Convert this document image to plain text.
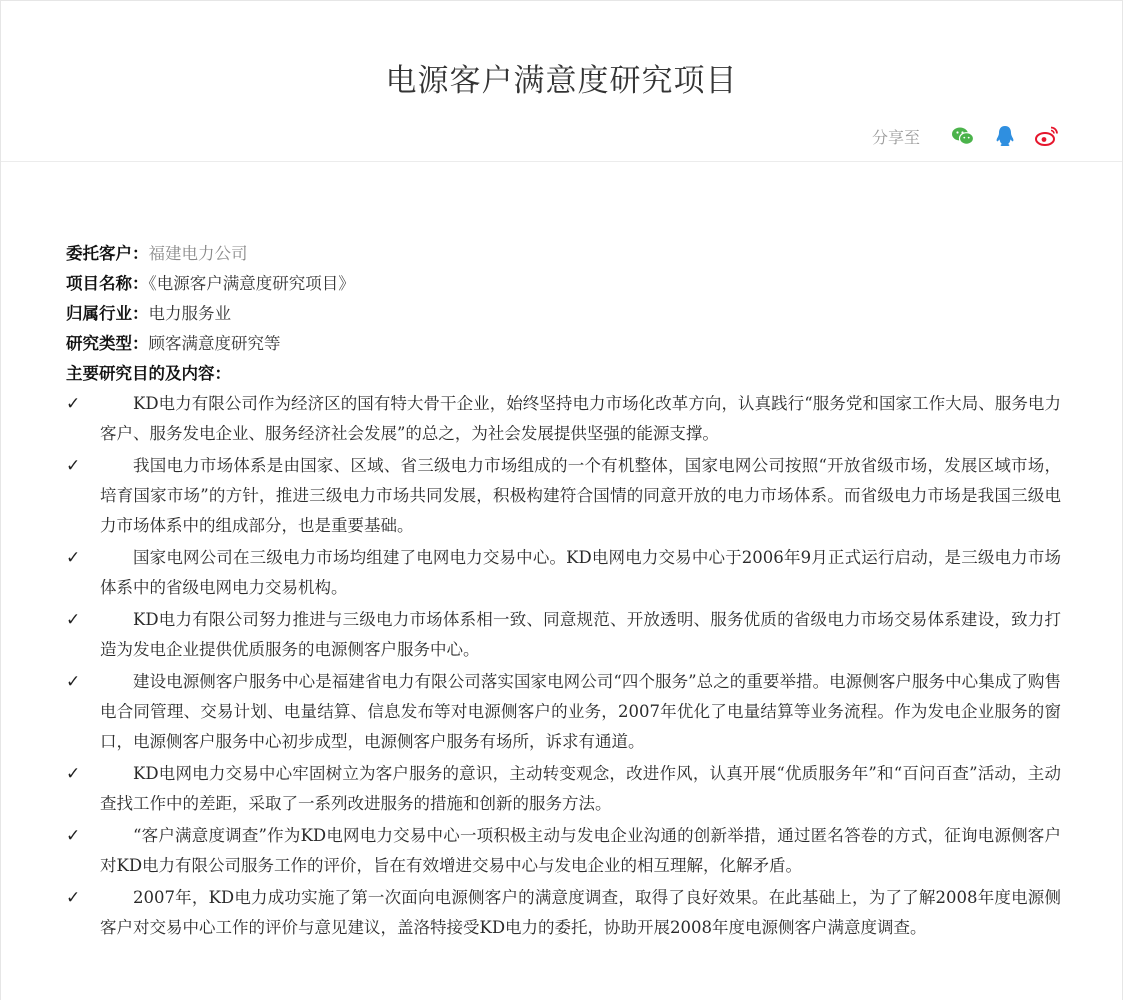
电源客户满意度研究项目
分享至

委托客户：福建电力公司

项目名称：《电源客户满意度研究项目》

归属行业：电力服务业

研究类型：顾客满意度研究等

主要研究目的及内容：

✓	KD电力有限公司作为经济区的国有特大骨干企业，始终坚持电力市场化改革方向，认真践行“服务党和国家工作大局、服务电力客户、服务发电企业、服务经济社会发展”的总之，为社会发展提供坚强的能源支撑。
✓	我国电力市场体系是由国家、区域、省三级电力市场组成的一个有机整体，国家电网公司按照“开放省级市场，发展区域市场，培育国家市场”的方针，推进三级电力市场共同发展，积极构建符合国情的同意开放的电力市场体系。而省级电力市场是我国三级电力市场体系中的组成部分，也是重要基础。
✓	国家电网公司在三级电力市场均组建了电网电力交易中心。KD电网电力交易中心于2006年9月正式运行启动，是三级电力市场体系中的省级电网电力交易机构。
✓	KD电力有限公司努力推进与三级电力市场体系相一致、同意规范、开放透明、服务优质的省级电力市场交易体系建设，致力打造为发电企业提供优质服务的电源侧客户服务中心。
✓	建设电源侧客户服务中心是福建省电力有限公司落实国家电网公司“四个服务”总之的重要举措。电源侧客户服务中心集成了购售电合同管理、交易计划、电量结算、信息发布等对电源侧客户的业务，2007年优化了电量结算等业务流程。作为发电企业服务的窗口，电源侧客户服务中心初步成型，电源侧客户服务有场所，诉求有通道。
✓	KD电网电力交易中心牢固树立为客户服务的意识，主动转变观念，改进作风，认真开展“优质服务年”和“百问百查”活动，主动查找工作中的差距，采取了一系列改进服务的措施和创新的服务方法。
✓	“客户满意度调查”作为KD电网电力交易中心一项积极主动与发电企业沟通的创新举措，通过匿名答卷的方式，征询电源侧客户对KD电力有限公司服务工作的评价，旨在有效增进交易中心与发电企业的相互理解，化解矛盾。
✓	2007年，KD电力成功实施了第一次面向电源侧客户的满意度调查，取得了良好效果。在此基础上，为了了解2008年度电源侧客户对交易中心工作的评价与意见建议，盖洛特接受KD电力的委托，协助开展2008年度电源侧客户满意度调查。
